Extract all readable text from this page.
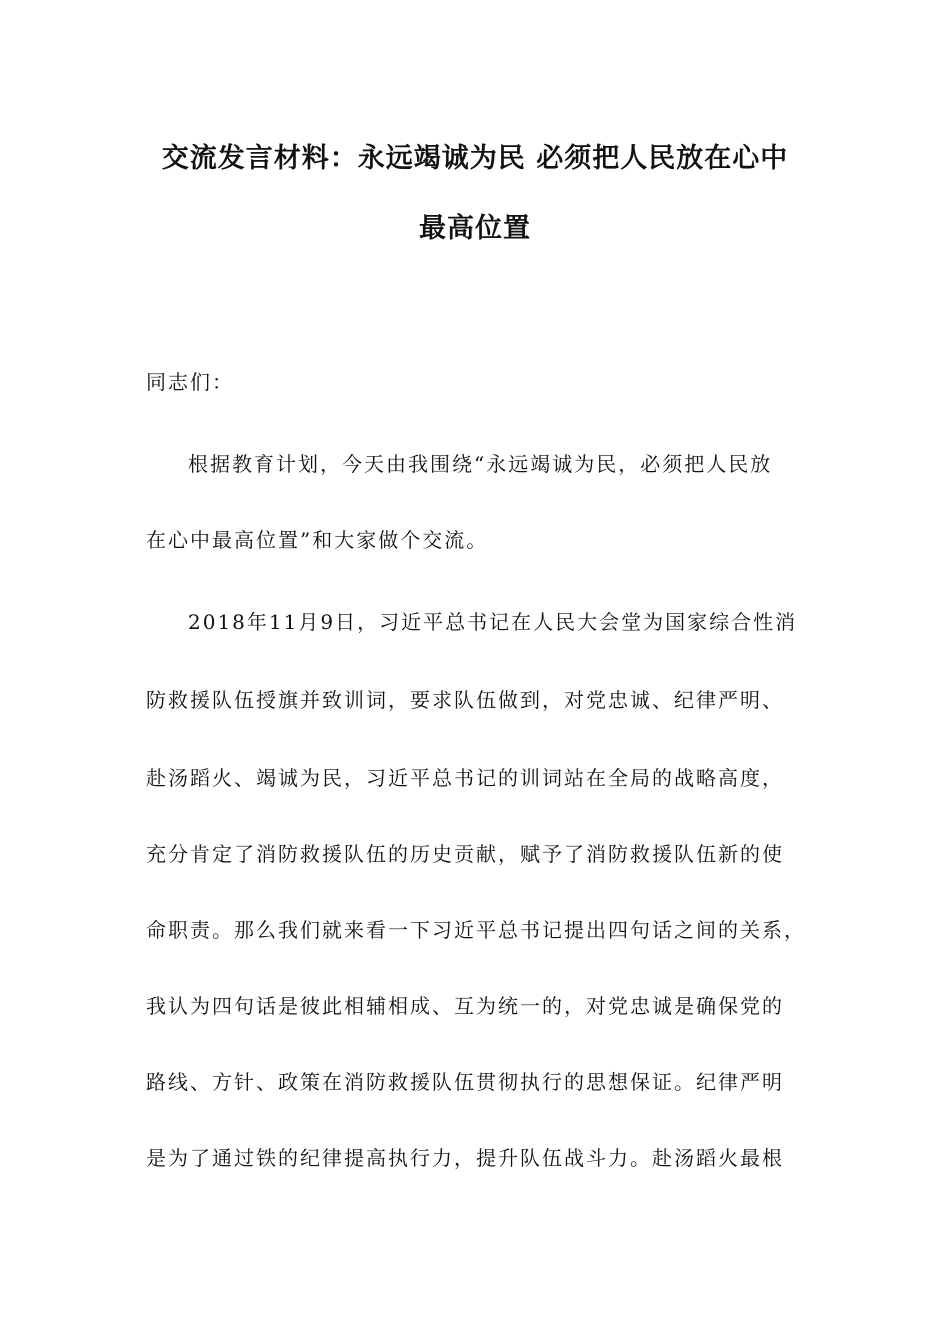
交流发言材料：永远竭诚为民 必须把人民放在心中
最高位置

同志们：

根据教育计划，今天由我围绕“永远竭诚为民，必须把人民放

在心中最高位置”和大家做个交流。

2018年11月9日，习近平总书记在人民大会堂为国家综合性消

防救援队伍授旗并致训词，要求队伍做到，对党忠诚、纪律严明、

赴汤蹈火、竭诚为民，习近平总书记的训词站在全局的战略高度，

充分肯定了消防救援队伍的历史贡献，赋予了消防救援队伍新的使

命职责。那么我们就来看一下习近平总书记提出四句话之间的关系，

我认为四句话是彼此相辅相成、互为统一的，对党忠诚是确保党的

路线、方针、政策在消防救援队伍贯彻执行的思想保证。纪律严明

是为了通过铁的纪律提高执行力，提升队伍战斗力。赴汤蹈火最根
